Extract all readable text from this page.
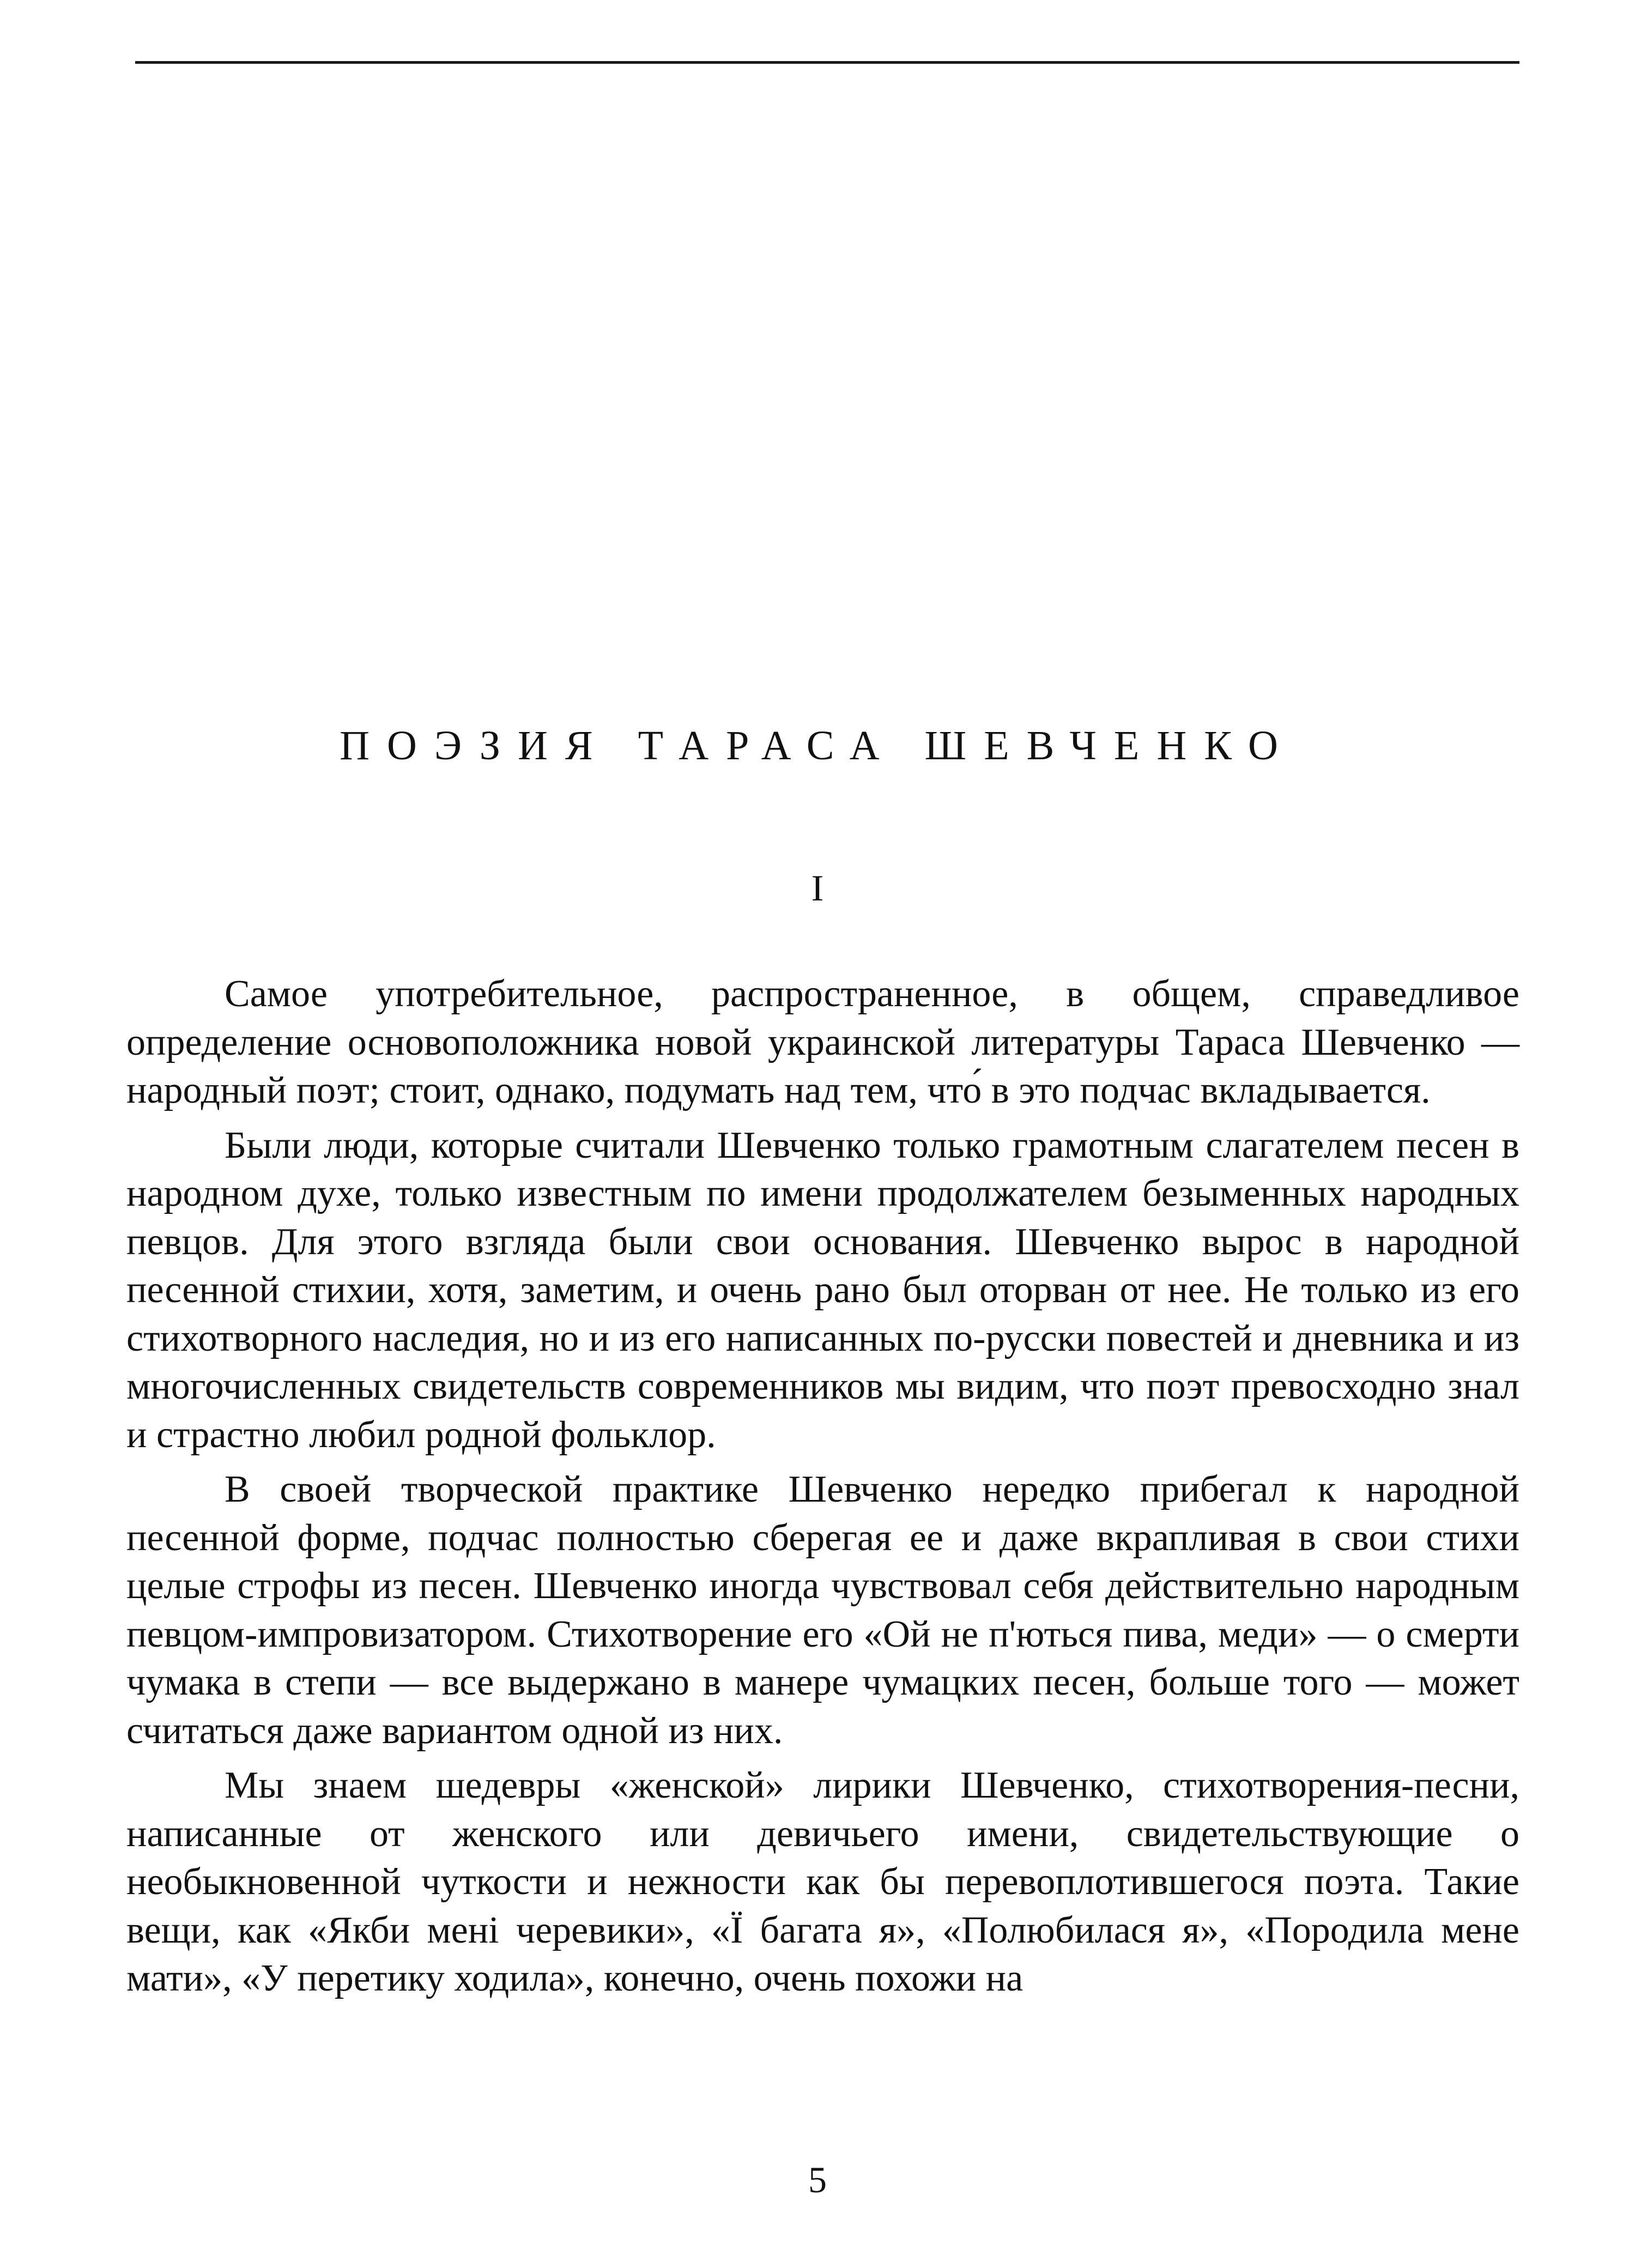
ПОЭЗИЯ ТАРАСА ШЕВЧЕНКО
I

Самое употребительное, распространенное, в общем, справедливое определение основоположника новой украинской литературы Тараса Шевченко — народный поэт; стоит, однако, подумать над тем, что́ в это подчас вкладывается.

Были люди, которые считали Шевченко только грамотным слагателем песен в народном духе, только известным по имени продолжателем безыменных народных певцов. Для этого взгляда были свои основания. Шевченко вырос в народной песенной стихии, хотя, заметим, и очень рано был оторван от нее. Не только из его стихотворного наследия, но и из его написанных по-русски повестей и дневника и из многочисленных свидетельств современников мы видим, что поэт превосходно знал и страстно любил родной фольклор.

В своей творческой практике Шевченко нередко прибегал к народной песенной форме, подчас полностью сберегая ее и даже вкрапливая в свои стихи целые строфы из песен. Шевченко иногда чувствовал себя действительно народным певцом-импровизатором. Стихотворение его «Ой не п'ються пива, меди» — о смерти чумака в степи — все выдержано в манере чумацких песен, больше того — может считаться даже вариантом одной из них.

Мы знаем шедевры «женской» лирики Шевченко, стихотворения-песни, написанные от женского или девичьего имени, свидетельствующие о необыкновенной чуткости и нежности как бы перевоплотившегося поэта. Такие вещи, как «Якби менi черевики», «Ї багата я», «Полюбилася я», «Породила мене мати», «У перетику ходила», конечно, очень похожи на

5
